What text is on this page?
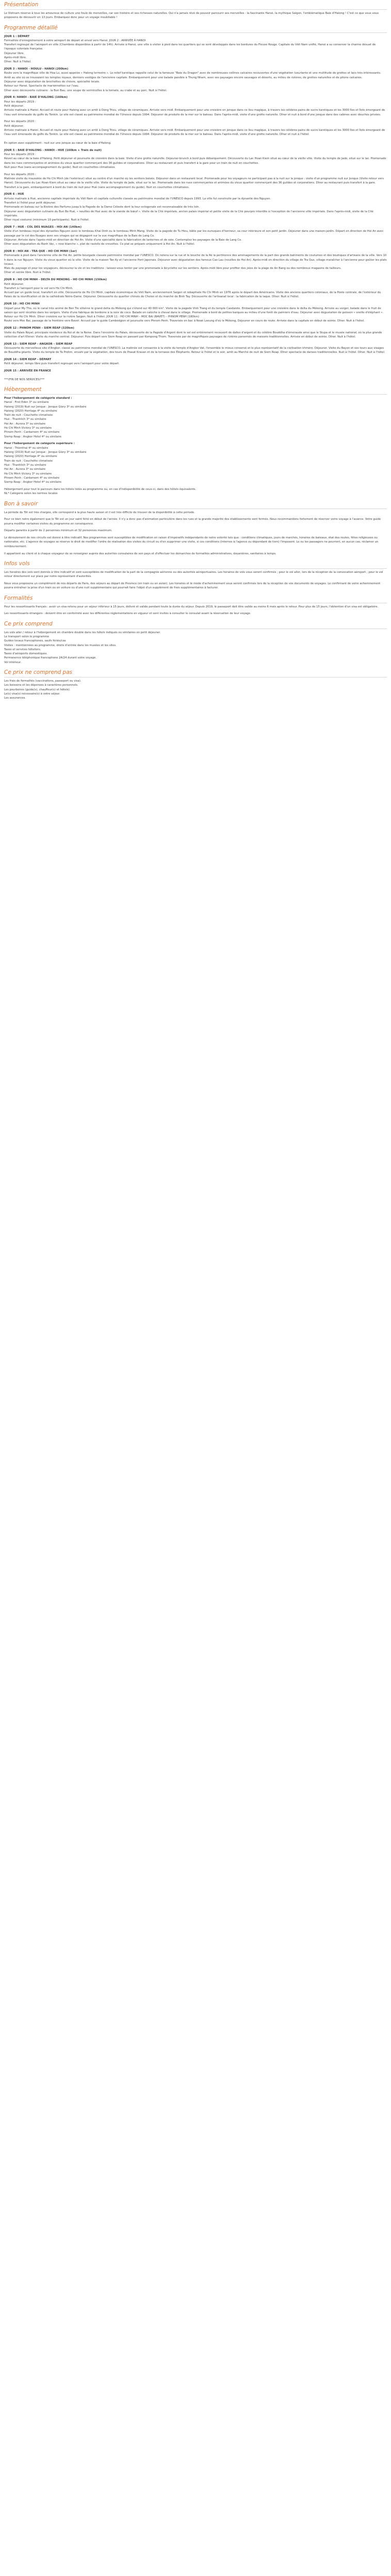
Présentation

Le Vietnam réserve à tous les amoureux de culture une foule de merveilles, car son histoire et ses richesses naturelles. Qui n'a jamais rêvé de pouvoir parcourir ses merveilles : la fascinante Hanoi, la mythique Saigon, l'emblématique Baie d'Halong ! C'est ce que vous vous proposons de découvrir en 13 jours. Embarquez donc pour un voyage inoubliable !

Programme détaillé
JOUR 1 : DÉPART
Formalités d'enregistrement à votre aéroport de départ et envol vers Hanoi. JOUR 2 : ARRIVÉE À HANOI
Transfert regroupé de l'aéroport en ville (Chambres disponibles à partir de 14h). Arrivée à Hanoi, une ville à visiter à pied dans les quartiers qui se sont développés dans les bordures du Fleuve Rouge. Capitale du Viêt Nam unifié, Hanoi a su conserver la charme désuet de l'époque coloniale française.
Déjeuner libre.
Après-midi libre.
Dîner. Nuit à l'hôtel.
JOUR 3 : HANOI - HOULU - HANOI (200km)
Route vers la magnifique ville de Hoa Lu, aussi appelée « Halong terrestre ». Le relief karstique rappelle celui de la fameuse "Baie du Dragon" avec de nombreuses collines calcaires recouvertes d'une végétation luxuriante et une multitude de grottes et lacs très intéressants. Arrêt au site où se trouvaient les temples royaux, derniers vestiges de l'ancienne capitale. Embarquement pour une balade paisible à Thung Nham, avec ses paysages encore sauvages et déserts, au milieu de rizières, de grottes naturelles et de pitons calcaires.
Déjeuner avec dégustation de brochettes de chèvre, spécialité locale.
Retour sur Hanoi. Spectacle de marionnettes sur l'eau.
Dîner avec découverte culinaire : la Bun Bau, une soupe de vermicelles à la tomate, au crabe et au porc. Nuit à l'hôtel.
JOUR 4: HANOI - BAIE D'HALONG (160km)
Pour les départs 2019 :
Petit déjeuner.
Arrivée matinale à Hanoi. Accueil et route pour Halong avec un arrêt à Dong Trieu, village de céramiques. Arrivée vers midi. Embarquement pour une croisière en jonque dans ce lieu magique, à travers les célèbres pains de sucre karstiques et les 3000 îles et îlots émergeant de l'eau vert émeraude du golfe du Tonkin. Le site est classé au patrimoine mondial de l'Unesco depuis 1994. Déjeuner de produits de la mer sur le bateau. Dans l'après-midi, visite d'une grotte naturelle. Dîner et nuit à bord d'une jonque dans des cabines avec douches privées.
Pour les départs 2020 :
Petit déjeuner.
Arrivée matinale à Hanoi. Accueil et route pour Halong avec un arrêt à Dong Trieu, village de céramiques. Arrivée vers midi. Embarquement pour une croisière en jonque dans ce lieu magique, à travers les célèbres pains de sucre karstiques et les 3000 îles et îlots émergeant de l'eau vert émeraude du golfe du Tonkin. Le site est classé au patrimoine mondial de l'Unesco depuis 1994. Déjeuner de produits de la mer sur le bateau. Dans l'après-midi, visite d'une grotte naturelle. Dîner et nuit à l'hôtel.

En option avec supplément : nuit sur une jonque au cœur de la baie d'Halong.
JOUR 5 : BAIE D'HALONG - HANOI - HUE (160km + Train de nuit)
Pour les départs 2019 :
Réveil au cœur de la baie d'Halong. Petit déjeuner et poursuite de croisière dans la baie. Visite d'une grotte naturelle. Déjeuner-brunch à bord puis débarquement. Découverte du Lac Hoan Kiem situé au cœur de la vieille ville. Visite du temple de Jade, situé sur le lac. Promenade dans les rues commerçantes et animées du vieux quartier commerçant des 36 guildes et corporations. Dîner au restaurant et puis transfert à la gare pour un train de nuit en couchettes.
Nuit pour Hue (sans accompagnement du guide). Nuit en couchettes climatisées.
Pour les départs 2020 :
Matinée visite du mausolée de Ho Chi Minh (de l'extérieur) situé au centre d'un marché où les sentiers boisés. Déjeuner dans un restaurant local. Promenade pour les voyageurs ne participant pas à la nuit sur la jonque : visite d'un programme nuit sur Jonque (Visite retour vers Hanoi). Découverte du Lac Hoan Kiem situé au cœur de la vieille ville. Visite du temple de Jade, situé sur le lac. Promenade dans les rues commerçantes et animées du vieux quartier commerçant des 36 guildes et corporations. Dîner au restaurant puis transfert à la gare. Transfert à la gare, embarquement à bord du train de nuit pour Hué (sans accompagnement du guide). Nuit en couchettes climatisées.
JOUR 6 : HUE
Arrivée matinale à Hué, ancienne capitale impériale du Viêt Nam et capitale culturelle classée au patrimoine mondial de l'UNESCO depuis 1993. La ville fut construite par la dynastie des Nguyen.
Transfert à l'hôtel pour petit déjeuner.
Promenade en bateau sur la Rivière des Parfums jusqu'à la Pagode de la Dame Céleste dont la tour octogonale est reconnaissable de très loin.
Déjeuner avec dégustation culinaire du Bun Bo Hué, « nouilles de Hué avec de la viande de bœuf ». Visite de la Cité impériale, ancien palais impérial et petite visite de la Cité pourpre interdite à l'exception de l'ancienne ville impériale. Dans l'après-midi, visite de la Cité impériale.
Dîner royal costumé (minimum 10 participants). Nuit à l'hôtel.
JOUR 7 : HUE - COL DES NUAGES - HOI AN (140km)
Visite d'un tombeau royal des dynasties Nguyen avec le tombeau Khai Dinh ou le tombeau Minh Mang. Visite de la pagode de Tu Hieu, bâtie par les eunuques d'honneur, sa cour intérieure et son petit jardin. Déjeuner dans une maison-jardin. Départ en direction de Hoi An avec passage par le col des Nuages avec ses virages qui se dégagent sur la vue magnifique de la Baie de Lang Co.
Déjeuner. Arrivée dans l'après-midi en direction de Hoi An. Visite d'une spécialité dans la fabrication de lanternes et de soie. Contemplez les paysages de la Baie de Lang Co.
Dîner avec dégustation du Banh Vac, « rose blanche », plat de raviolis de crevettes. Ce plat se prépare uniquement à Hoi An. Nuit à l'hôtel.
JOUR 8 : HOI AN - TRA QUE - HO CHI MINH (1er)
Promenade à pied dans l'ancienne ville de Hoi An, petite bourgade classée patrimoine mondial par l'UNESCO. On notera sur la rue et le bouche de la Ré la pertinence des aménagements de la part des grands batiments de coutumes et des boutiques d'artisans de la ville. Vers 10 h dans la rue Nguyen. Visite du vieux quartier où la ville. Visite de la maison Tan Ky et l'ancienne Pont Japonais. Déjeuner avec dégustation des fameux Cao Lau (nouilles de Hoi An). Après-midi en direction du village de Tra Que, village maraîcher à l'ancienne pour goûter les plats locaux.
Mais du paysage et pour les voyageurs, découvrez la vie et les traditions ; laissez-vous tenter par une promenade à bicyclette sur les sentiers. Après-midi libre pour profiter des joies de la plage de An Bang ou des nombreux magasins de tailleurs.
Dîner et soirée libre. Nuit à l'hôtel.
JOUR 9 : HO CHI MINH - DELTA DU MEKONG - HO CHI MINH (150km)
Petit déjeuner.
Transfert à l'aéroport pour le vol vers Ho Chi Minh.
Accueil par un guide local, transfert en ville. Découverte de Ho Chi Minh, capitale économique du Viêt Nam, anciennement Saigon et rebaptisée Ho Chi Minh en 1976 après le départ des Américains. Visite des anciens quartiers coloniaux, de la Poste centrale, de l'extérieur du Palais de la réunification et de la cathédrale Notre-Dame. Déjeuner. Découverte du quartier chinois de Cholon et du marché de Binh Tay. Découverte de l'artisanat local : la fabrication de la laque. Dîner. Nuit à l'hôtel.
JOUR 10 : HO CHI MINH
Départ pour My Tho, où le canal très animé de Ben Tre sillonne le grand delta du Mékong qui s'étend sur 40 000 km². Visite de la pagode Vinh Trang et du temple Caodaïste. Embarquement pour une croisière dans le delta du Mékong. Arrivée au verger, balade dans le fruit de saison qui sont récoltés dans les vergers. Visite d'une fabrique de bonbons à la noix de coco. Balade en calèche à cheval dans le village. Promenade à bord de petites barques au milieu d'une forêt de palmiers d'eau. Déjeuner avec dégustation de poisson « oreille d'éléphant ». Retour sur Ho Chi Minh. Dîner croisière sur la rivière Saigon. Nuit à l'hôtel. JOUR 11 : HO CHI MINH – MOC BAI (BAVET) – PHNOM PENH (180km)
Route vers Moc Bai, passage de la frontière vers Bavet. Accueil par le guide Cambodgien et poursuite vers Phnom Penh. Traversée en bac à Neak Loeung d'où le Mékong, Déjeuner en cours de route. Arrivée dans la capitale en début de soirée. Dîner. Nuit à l'hôtel.
JOUR 12 : PHNOM PENH – SIEM REAP (320km)
Visite du Palais Royal, principale résidence du Roi et de la Reine. Dans l'enceinte du Palais, découverte de la Pagode d'Argent dont le sol est entièrement recouvert de dalles d'argent et du célèbre Bouddha d'émeraude ainsi que le Stupa et le musée national, où la plus grande collection d'art Khmer. Visite du marché central. Déjeuner. Puis départ vers Siem Reap en passant par Kompong Thom. Traversée par de magnifiques paysages de rizières parsemés de maisons traditionnelles. Arrivée en début de soirée. Dîner. Nuit à l'hôtel.
JOUR 13 : SIEM REAP – ANGKOR – SIEM REAP
Découverte du merveilleux site d'Angkor, classé au patrimoine mondial de l'UNESCO. La matinée est consacrée à la visite du temple d'Angkor Vat, l'ensemble le mieux conservé et le plus représentatif de la civilisation khmère. Déjeuner. Visite du Bayon et ses tours aux visages de Bouddha géants. Visite du temple de Ta Prohm, envahi par la végétation, des tours de Prasat Kravan et de la terrasse des Éléphants. Retour à l'hôtel et le soir, arrêt au Marché de nuit de Siem Reap. Dîner spectacle de danses traditionnelles. Nuit à l'hôtel. Dîner. Nuit à l'hôtel.
JOUR 14 : SIEM REAP – DÉPART
Petit déjeuner, temps libre puis transfert regroupé vers l'aéroport pour votre départ.
JOUR 15 : ARRIVÉE EN FRANCE

***(FIN DE NOS SERVICES)***
Hébergement
Pour l'hébergement de catégorie standard :
Hanoi : First Eden 3* ou similaire
Halong (2019) Nuit sur Jonque : Jonque Glory 3* ou similaire
Halong (2020) Heritage 4* ou similaire
Train de nuit : Couchette climatisée
Hué : Thanhlich 3* ou similaire
Hoi An : Aurora 3* ou similaire
Ho Chi Minh Victory 3* ou similaire
Phnom Penh : Cardamom 4* ou similaire
Siemp Reap : Angkor Hotel 4* ou similaire
Pour l'hébergement de catégorie supérieure :
Hanoi : Thienthai 4* ou similaire
Halong (2019) Nuit sur Jonque : Jonque Glory 3* ou similaire
Halong (2020) Heritage 4* ou similaire
Train de nuit : Couchette climatisée
Hué : Thanhlich 3* ou similaire
Hoi An : Aurora 3* ou similaire
Ho Chi Minh Victory 3* ou similaire
Phnom Penh : Cardamom 4* ou similaire
Siemp Reap : Angkor Hotel 4* ou similaire

Hébergement pour tout le parcours dans les hôtels listés au programme ou, en cas d'indisponibilité de ceux-ci, dans des hôtels équivalents.
NL* Catégorie selon les normes locales

Bon à savoir

La période du Têt est très chargée, elle correspond à la plus haute saison et il est très difficile de trouver de la disponibilité à cette période.

Pour ce bien notre également que le Têt est un jour saint férié en début de l'année. Il n'y a donc pas d'animation particulière dans les rues et la grande majorité des établissements sont fermés. Nous recommandons fortement de réserver votre voyage à l'avance. Votre guide pourra modifier certaines visites du programme en conséquence.

Départs garantis à partir de 2 personnes minimum et 32 personnes maximum.

Le déroulement de nos circuits est donné à titre indicatif. Nos programmes sont susceptibles de modification en raison d'impératifs indépendants de notre volonté tels que : conditions climatiques, jours de marchés, horaires de bateaux, état des routes, fêtes religieuses ou nationales, etc. L'agence de voyages se réserve le droit de modifier l'ordre de réalisation des visites du circuit ou d'en supprimer une visite, si ces conditions (internes à l'agence ou dépendant de tiers) l'imposent. Le ou les passagers ne pourront, en aucun cas, réclamer un remboursement.

Il appartient au client et à chaque voyageur de se renseigner auprès des autorités consulaires de son pays et d'effectuer les démarches de formalités administratives, douanières, sanitaires à temps.

Infos vols

Les horaires des vols sont donnés à titre indicatif et sont susceptibles de modification de la part de la compagnie aérienne ou des autorités aéroportuaires. Les horaires de vols vous seront confirmés ; pour le vol aller, lors de la réception de la convocation aéroport ; pour le vol retour directement sur place par notre représentant d'autorités.

Nous vous proposons un complément de nos départs de Paris, des séjours au départ de Province (en train ou en avion). Les horaires et le mode d'acheminement vous seront confirmés lors de la réception de vos documents de voyages. Le confirmant de votre acheminement pourra entraîner la prise d'un train ou en voiture ou d'une nuit supplémentaire qui pourrait faire l'objet d'un supplément de frais supplémentaires à facturer.

Formalités

Pour les ressortissants français : avoir un visa retenu pour un séjour inférieur à 15 jours, délivré et valide pendant toute la durée du séjour. Depuis 2019, le passeport doit être valide au moins 6 mois après le retour. Pour plus de 15 jours, l'obtention d'un visa est obligatoire.

Les ressortissants étrangers : doivent être en conformité avec les différentes réglementations en vigueur et sont invités à consulter le consulat avant la réservation de leur voyage.

Ce prix comprend
Les vols aller / retour à l'hébergement en chambre double dans les hôtels indiqués ou similaires en petit déjeuner.
Le transport selon le programme
Guides locaux francophones, saufs fériés/cas
Visites : mentionnées au programme, droits d'entrée dans les musées et les sites.
Taxes et services hôteliers.
Taxes d'aéroports domestiques.
Permanence téléphonique francophone 24/24 durant votre voyage.
Vol intérieur.
Ce prix ne comprend pas
Les frais de formalités (vaccinations, passeport ou visa).
Les boissons et les dépenses à caractères personnels.
Les pourboires (guide(s), chauffeur(s) et hôtels).
Le(s) visa(s) nécessaire(s) à votre séjour.
Les assurances.
